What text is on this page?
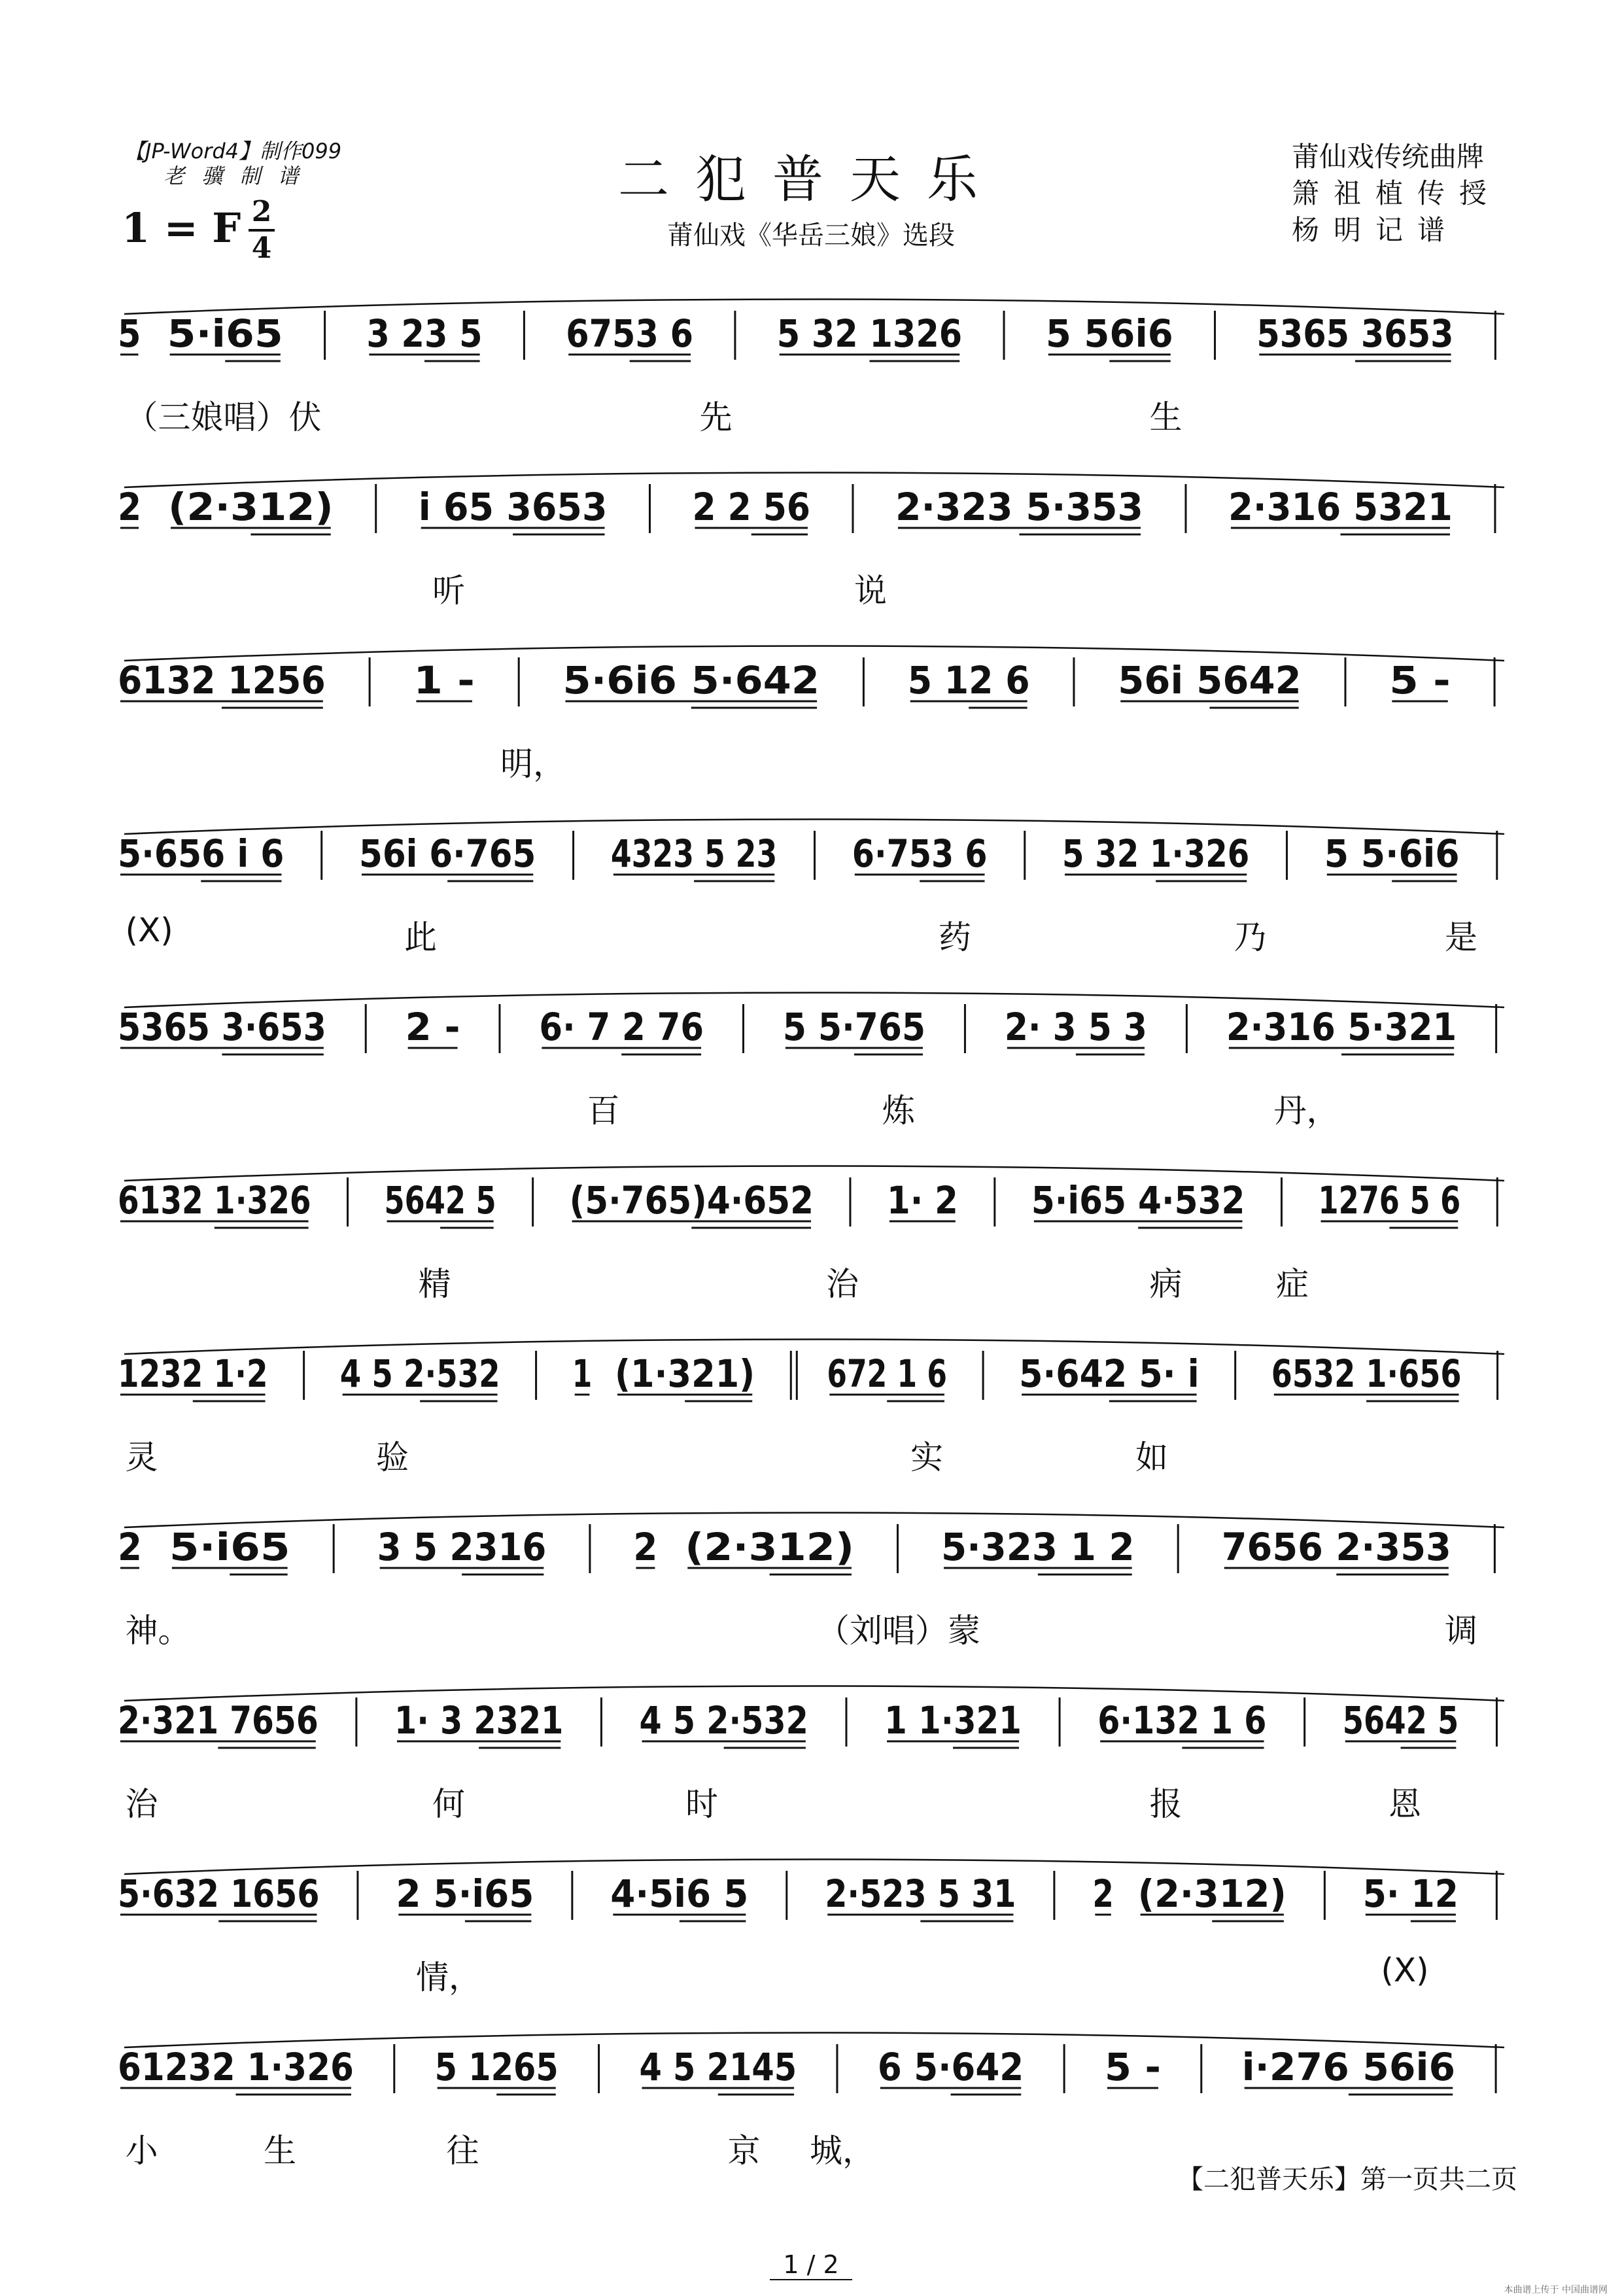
【JP-Word4】制作099
老 骥 制 谱
1 = F 2
4
二犯普天乐
莆仙戏《华岳三娘》选段
莆仙戏传统曲牌
箫祖植传授
杨明记谱
5 5·i65 3 23 5 6753 6 5 32 1326 5 56i6 5365 3653
（三娘唱）伏	先	生
2 (2·312) i 65 3653 2 2 56 2·323 5·353 2·316 5321
听	说
6132 1256 1 - 5·6i6 5·642 5 12 6 56i 5642 5 -
明，
5·656 i 6 56i 6·765 4323 5 23 6·753 6 5 32 1·326 5 5·6i6
(X)	此	药	乃	是
5365 3·653 2 - 6· 7 2 76 5 5·765 2· 3 5 3 2·316 5·321
百	炼	丹，
6132 1·326 5642 5 (5·765)4·652 1· 2 5·i65 4·532 1276 5 6
精	治	病	症
1232 1·2 4 5 2·532 1 (1·321) 672 1 6 5·642 5· i 6532 1·656
灵	验	实	如
2 5·i65 3 5 2316 2 (2·312) 5·323 1 2 7656 2·353
神。	（刘唱）蒙	调
2·321 7656 1· 3 2321 4 5 2·532 1 1·321 6·132 1 6 5642 5
治	何	时	报	恩
5·632 1656 2 5·i65 4·5i6 5 2·523 5 31 2 (2·312) 5· 12
情，	(X)
61232 1·326 5 1265 4 5 2145 6 5·642 5 - i·276 56i6
小	生	往	京 城，
【二犯普天乐】第一页共二页
1 / 2
本曲谱上传于 中国曲谱网
